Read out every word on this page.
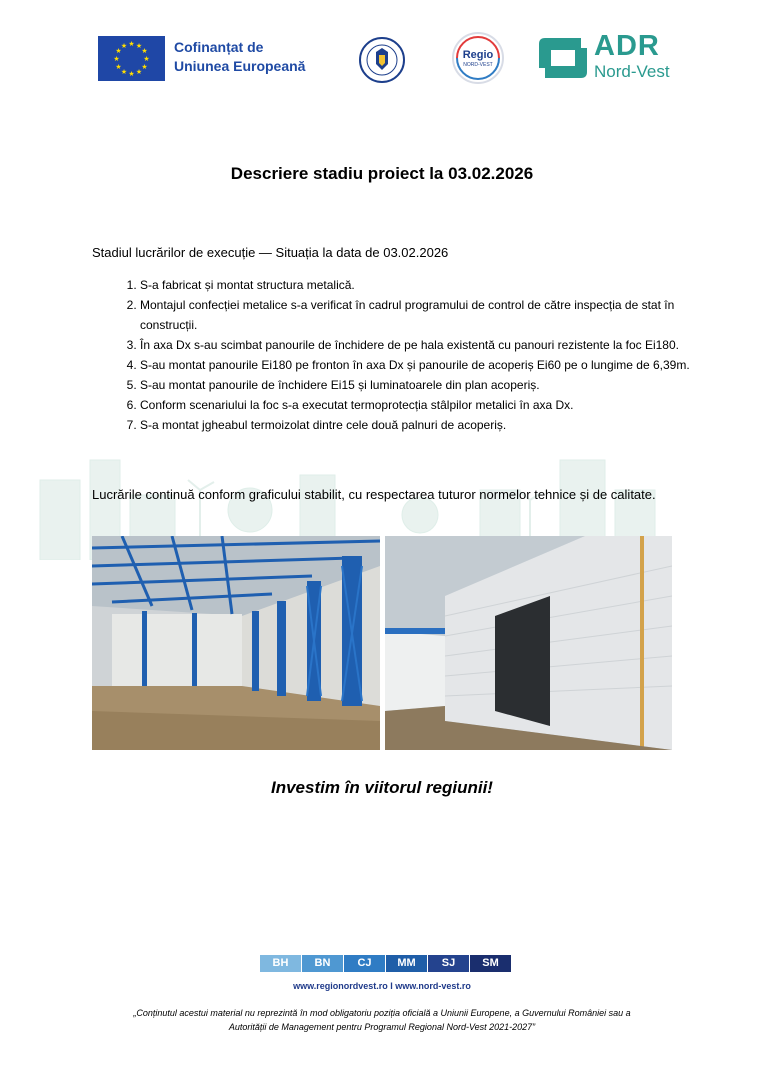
★ ★
★
★
★
★
★
★
★
★
★
★	Cofinanțat de
Uniunea Europeană
Regio
NORD-VEST
ADR
Nord-Vest
Descriere stadiu proiect la 03.02.2026
Stadiul lucrărilor de execuție — Situația la data de 03.02.2026
1. S-a fabricat și montat structura metalică.
2. Montajul confecției metalice s-a verificat în cadrul programului de control de către inspecția de stat în construcții.
3. În axa Dx s-au scimbat panourile de închidere de pe hala existentă cu panouri rezistente la foc Ei180.
4. S-au montat panourile Ei180 pe fronton în axa Dx și panourile de acoperiș Ei60 pe o lungime de 6,39m.
5. S-au montat panourile de închidere Ei15 și luminatoarele din plan acoperiș.
6. Conform scenariului la foc s-a executat termoprotecția stâlpilor metalici în axa Dx.
7. S-a montat jgheabul termoizolat dintre cele două palnuri de acoperiș.
Lucrările continuă conform graficului stabilit, cu respectarea tuturor normelor tehnice și de calitate.
Investim în viitorul regiunii!
BH	BN	CJ	MM	SJ	SM
www.regionordvest.ro I www.nord-vest.ro
„Conținutul acestui material nu reprezintă în mod obligatoriu poziția oficială a Uniunii Europene, a Guvernului României sau a Autorității de Management pentru Programul Regional Nord-Vest 2021-2027”
